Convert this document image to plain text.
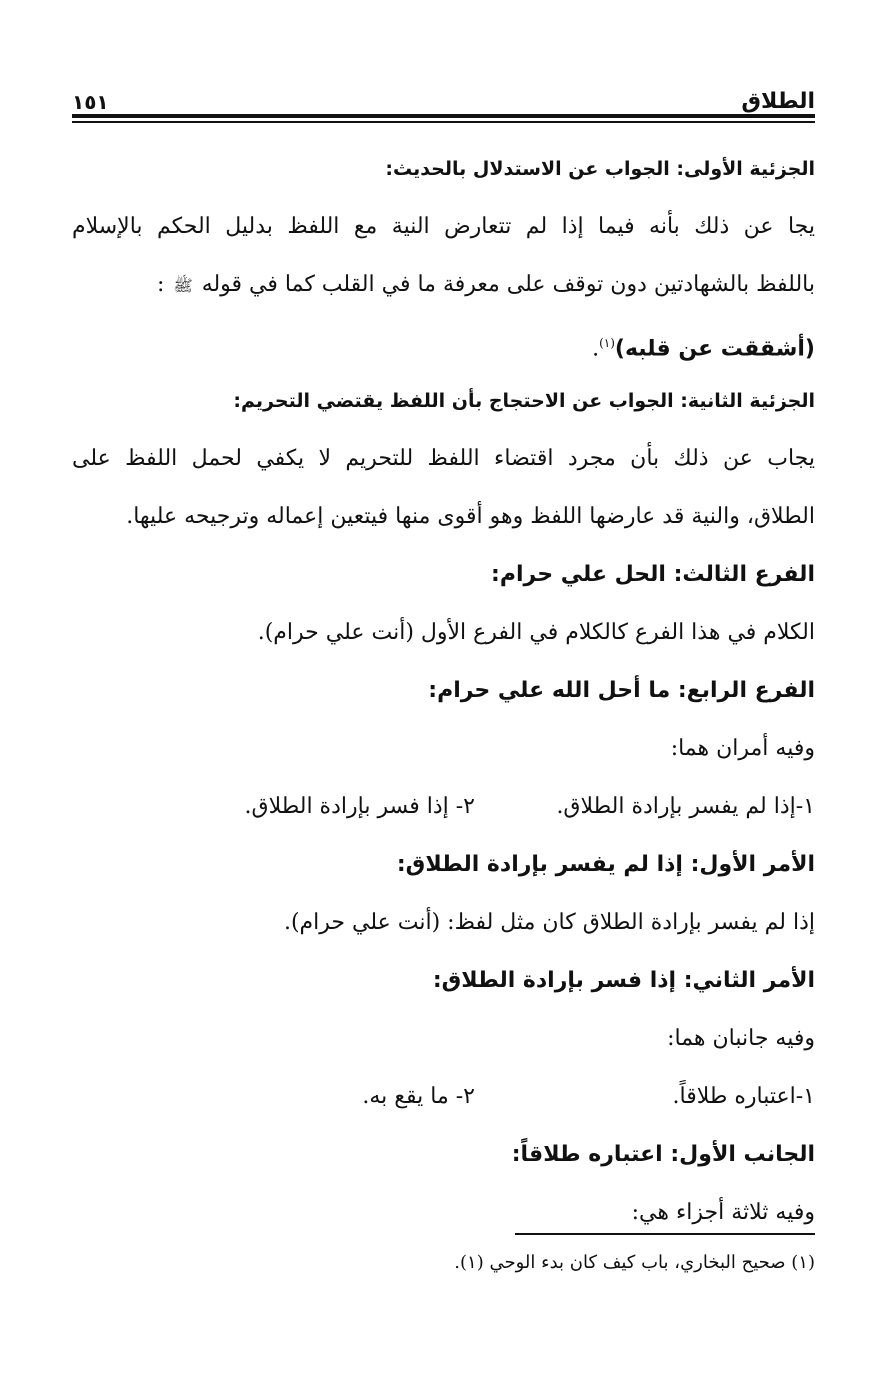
الطلاق
١٥١
الجزئية الأولى: الجواب عن الاستدلال بالحديث:
يجا عن ذلك بأنه فيما إذا لم تتعارض النية مع اللفظ بدليل الحكم بالإسلام
باللفظ بالشهادتين دون توقف على معرفة ما في القلب كما في قوله ﷺ :
(أشققت عن قلبه)$^{(١)}$.
الجزئية الثانية: الجواب عن الاحتجاج بأن اللفظ يقتضي التحريم:
يجاب عن ذلك بأن مجرد اقتضاء اللفظ للتحريم لا يكفي لحمل اللفظ على
الطلاق، والنية قد عارضها اللفظ وهو أقوى منها فيتعين إعماله وترجيحه عليها.
الفرع الثالث: الحل علي حرام:
الكلام في هذا الفرع كالكلام في الفرع الأول (أنت علي حرام).
الفرع الرابع: ما أحل الله علي حرام:
وفيه أمران هما:
١-إذا لم يفسر بإرادة الطلاق.
٢- إذا فسر بإرادة الطلاق.
الأمر الأول: إذا لم يفسر بإرادة الطلاق:
إذا لم يفسر بإرادة الطلاق كان مثل لفظ: (أنت علي حرام).
الأمر الثاني: إذا فسر بإرادة الطلاق:
وفيه جانبان هما:
١-اعتباره طلاقاً.
٢- ما يقع به.
الجانب الأول: اعتباره طلاقاً:
وفيه ثلاثة أجزاء هي:
(١) صحيح البخاري، باب كيف كان بدء الوحي (١).
